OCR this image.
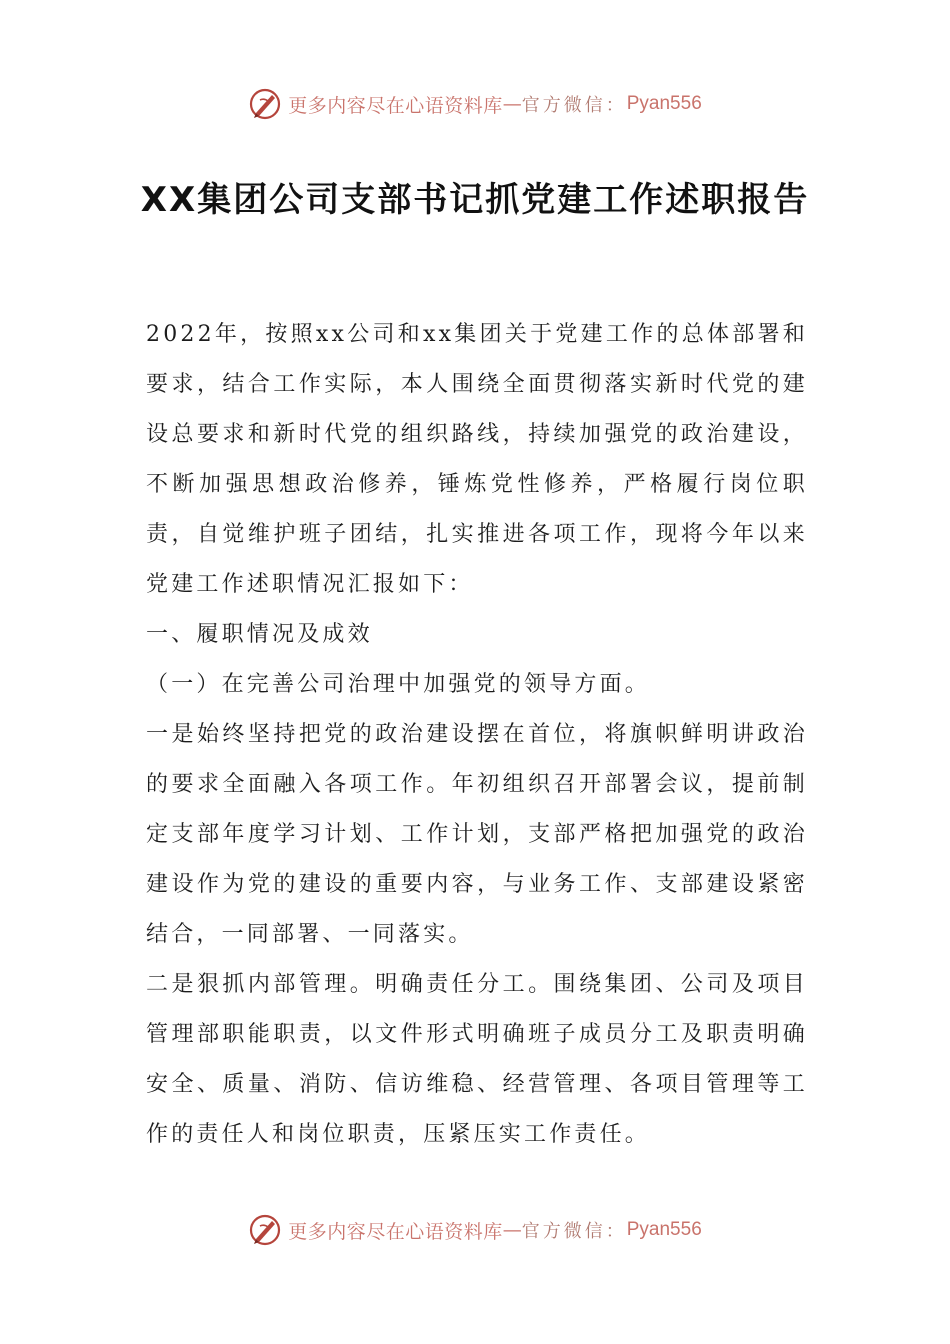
更多内容尽在心语资料库 — 官方微信： Pyan556
XX集团公司支部书记抓党建工作述职报告

2022年，按照xx公司和xx集团关于党建工作的总体部署和要求，结合工作实际，本人围绕全面贯彻落实新时代党的建设总要求和新时代党的组织路线，持续加强党的政治建设，不断加强思想政治修养，锤炼党性修养，严格履行岗位职责，自觉维护班子团结，扎实推进各项工作，现将今年以来党建工作述职情况汇报如下：

一、履职情况及成效

（一）在完善公司治理中加强党的领导方面。

一是始终坚持把党的政治建设摆在首位，将旗帜鲜明讲政治的要求全面融入各项工作。年初组织召开部署会议，提前制定支部年度学习计划、工作计划，支部严格把加强党的政治建设作为党的建设的重要内容，与业务工作、支部建设紧密结合，一同部署、一同落实。

二是狠抓内部管理。明确责任分工。围绕集团、公司及项目管理部职能职责，以文件形式明确班子成员分工及职责明确安全、质量、消防、信访维稳、经营管理、各项目管理等工作的责任人和岗位职责，压紧压实工作责任。

更多内容尽在心语资料库 — 官方微信： Pyan556
